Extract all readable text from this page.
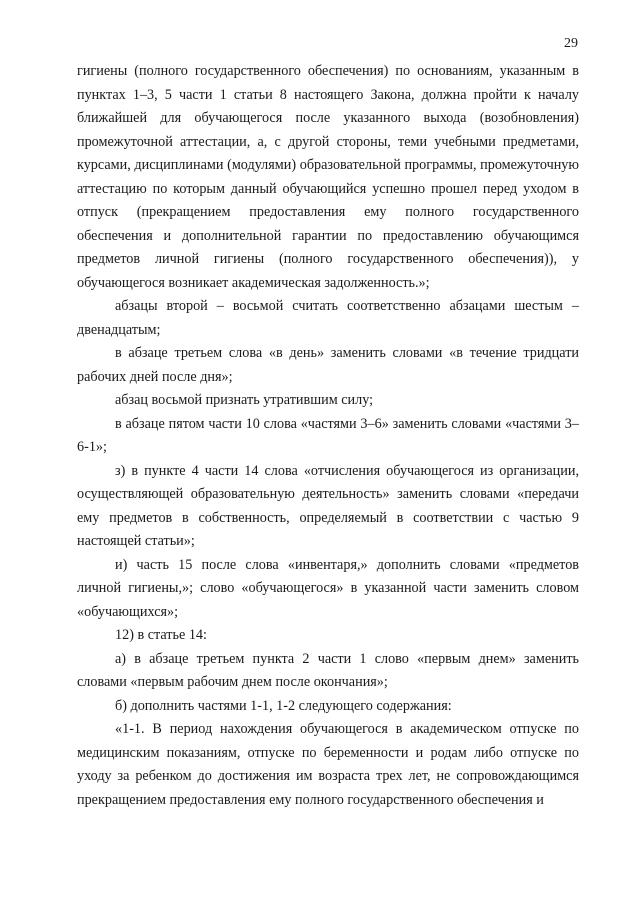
29

гигиены (полного государственного обеспечения) по основаниям, указанным в пунктах 1–3, 5 части 1 статьи 8 настоящего Закона, должна пройти к началу ближайшей для обучающегося после указанного выхода (возобновления) промежуточной аттестации, а, с другой стороны, теми учебными предметами, курсами, дисциплинами (модулями) образовательной программы, промежуточную аттестацию по которым данный обучающийся успешно прошел перед уходом в отпуск (прекращением предоставления ему полного государственного обеспечения и дополнительной гарантии по предоставлению обучающимся предметов личной гигиены (полного государственного обеспечения)), у обучающегося возникает академическая задолженность.»;

абзацы второй – восьмой считать соответственно абзацами шестым – двенадцатым;

в абзаце третьем слова «в день» заменить словами «в течение тридцати рабочих дней после дня»;

абзац восьмой признать утратившим силу;

в абзаце пятом части 10 слова «частями 3–6» заменить словами «частями 3–6-1»;

з) в пункте 4 части 14 слова «отчисления обучающегося из организации, осуществляющей образовательную деятельность» заменить словами «передачи ему предметов в собственность, определяемый в соответствии с частью 9 настоящей статьи»;

и) часть 15 после слова «инвентаря,» дополнить словами «предметов личной гигиены,»; слово «обучающегося» в указанной части заменить словом «обучающихся»;

12) в статье 14:

а) в абзаце третьем пункта 2 части 1 слово «первым днем» заменить словами «первым рабочим днем после окончания»;

б) дополнить частями 1-1, 1-2 следующего содержания:

«1-1. В период нахождения обучающегося в академическом отпуске по медицинским показаниям, отпуске по беременности и родам либо отпуске по уходу за ребенком до достижения им возраста трех лет, не сопровождающимся прекращением предоставления ему полного государственного обеспечения и
